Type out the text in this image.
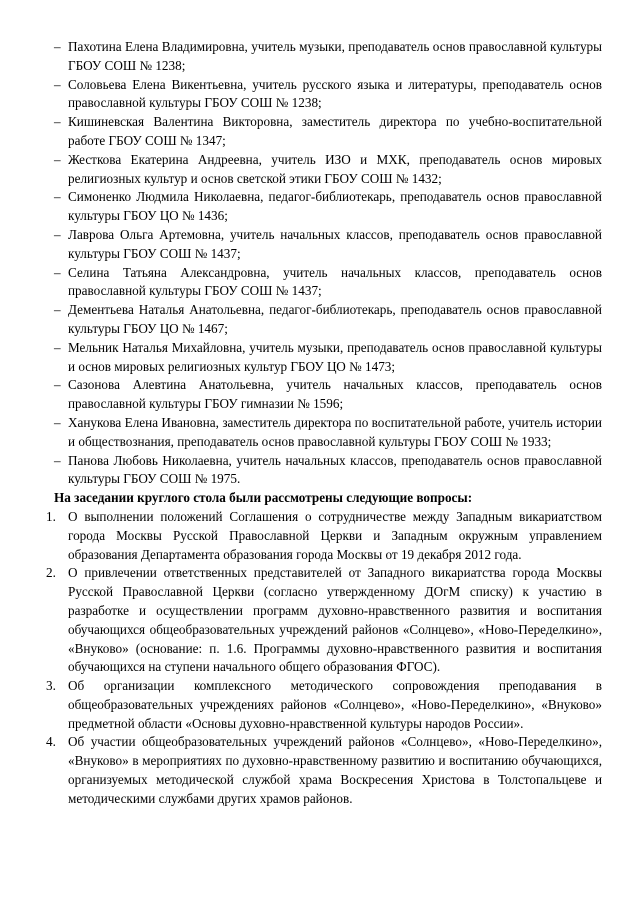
– Пахотина Елена Владимировна, учитель музыки, преподаватель основ православной культуры ГБОУ СОШ № 1238;
– Соловьева Елена Викентьевна, учитель русского языка и литературы, преподаватель основ православной культуры ГБОУ СОШ № 1238;
– Кишиневская Валентина Викторовна, заместитель директора по учебно-воспитательной работе ГБОУ СОШ № 1347;
– Жесткова Екатерина Андреевна, учитель ИЗО и МХК, преподаватель основ мировых религиозных культур и основ светской этики ГБОУ СОШ № 1432;
– Симоненко Людмила Николаевна, педагог-библиотекарь, преподаватель основ православной культуры ГБОУ ЦО № 1436;
– Лаврова Ольга Артемовна, учитель начальных классов, преподаватель основ православной культуры ГБОУ СОШ № 1437;
– Селина Татьяна Александровна, учитель начальных классов, преподаватель основ православной культуры ГБОУ СОШ № 1437;
– Дементьева Наталья Анатольевна, педагог-библиотекарь, преподаватель основ православной культуры ГБОУ ЦО № 1467;
– Мельник Наталья Михайловна, учитель музыки, преподаватель основ православной культуры и основ мировых религиозных культур ГБОУ ЦО № 1473;
– Сазонова Алевтина Анатольевна, учитель начальных классов, преподаватель основ православной культуры ГБОУ гимназии № 1596;
– Ханукова Елена Ивановна, заместитель директора по воспитательной работе, учитель истории и обществознания, преподаватель основ православной культуры ГБОУ СОШ № 1933;
– Панова Любовь Николаевна, учитель начальных классов, преподаватель основ православной культуры ГБОУ СОШ № 1975.

На заседании круглого стола были рассмотрены следующие вопросы:

1. О выполнении положений Соглашения о сотрудничестве между Западным викариатством города Москвы Русской Православной Церкви и Западным окружным управлением образования Департамента образования города Москвы от 19 декабря 2012 года.
2. О привлечении ответственных представителей от Западного викариатства города Москвы Русской Православной Церкви (согласно утвержденному ДОгМ списку) к участию в разработке и осуществлении программ духовно-нравственного развития и воспитания обучающихся общеобразовательных учреждений районов «Солнцево», «Ново-Переделкино», «Внуково» (основание: п. 1.6. Программы духовно-нравственного развития и воспитания обучающихся на ступени начального общего образования ФГОС).
3. Об организации комплексного методического сопровождения преподавания в общеобразовательных учреждениях районов «Солнцево», «Ново-Переделкино», «Внуково» предметной области «Основы духовно-нравственной культуры народов России».
4. Об участии общеобразовательных учреждений районов «Солнцево», «Ново-Переделкино», «Внуково» в мероприятиях по духовно-нравственному развитию и воспитанию обучающихся, организуемых методической службой храма Воскресения Христова в Толстопальцеве и методическими службами других храмов районов.
